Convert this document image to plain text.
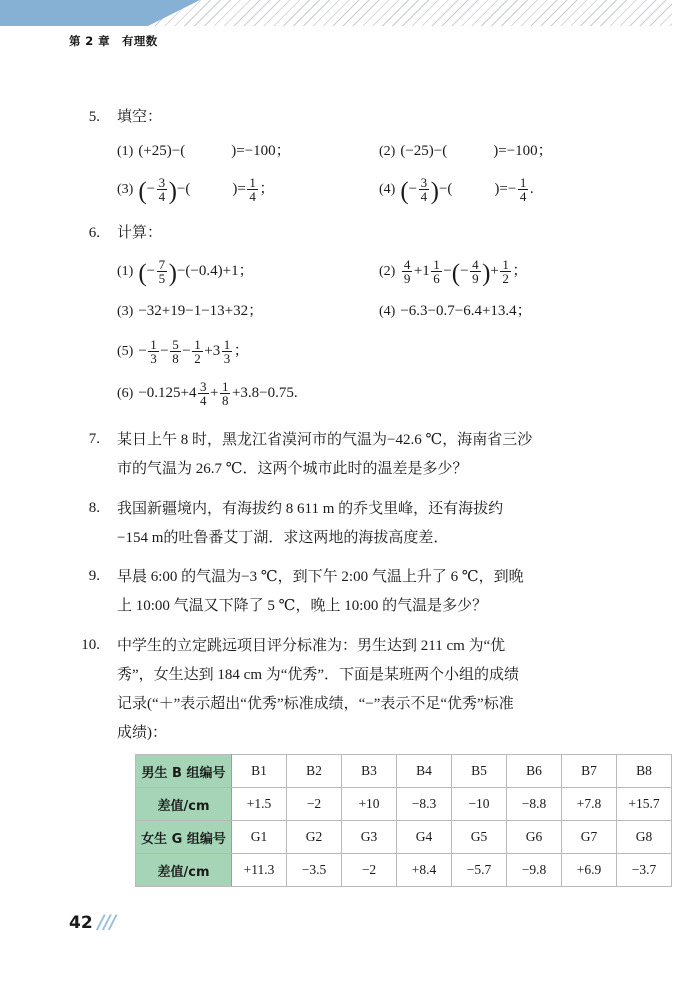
第 2 章　有理数
5. 填空：
(1) (+25)−(	)=−100；	(2) (−25)−(	)=−100；
(3) ( − $\frac{3}{4}$ ) −(	)= $\frac{1}{4}$ ；	(4) ( − $\frac{3}{4}$ ) −(	)=− $\frac{1}{4}$ .
6. 计算：
(1) ( − $\frac{7}{5}$ ) −(−0.4)+1；	$(2) \frac{4}{9} +1 \frac{1}{6}$ − ( − $\frac{4}{9}$ ) + $\frac{1}{2}$ ；
(3) −32+19−1−13+32；	(4) −6.3−0.7−6.4+13.4；
$(5) - \frac{1}{3} - \frac{5}{8} - \frac{1}{2} +3 \frac{1}{3}$ ；
$(6) -0.125+4 \frac{3}{4} + \frac{1}{8} +3.8-0.75$.
7. 某日上午 8 时，黑龙江省漠河市的气温为−42.6 ℃，海南省三沙
市的气温为 26.7 ℃．这两个城市此时的温差是多少？
8. 我国新疆境内，有海拔约 8 611 m 的乔戈里峰，还有海拔约
−154 m的吐鲁番艾丁湖．求这两地的海拔高度差．
9. 早晨 6:00 的气温为−3 ℃，到下午 2:00 气温上升了 6 ℃，到晚
上 10:00 气温又下降了 5 ℃，晚上 10:00 的气温是多少？
10. 中学生的立定跳远项目评分标准为：男生达到 211 cm 为“优
秀”，女生达到 184 cm 为“优秀”．下面是某班两个小组的成绩
记录(“＋”表示超出“优秀”标准成绩，“−”表示不足“优秀”标准
成绩)：
男生 B 组编号	B1	B2	B3	B4	B5	B6	B7	B8
差值/cm	+1.5	−2	+10	−8.3	−10	−8.8	+7.8	+15.7
女生 G 组编号	G1	G2	G3	G4	G5	G6	G7	G8
差值/cm	+11.3	−3.5	−2	+8.4	−5.7	−9.8	+6.9	−3.7
42 ///
